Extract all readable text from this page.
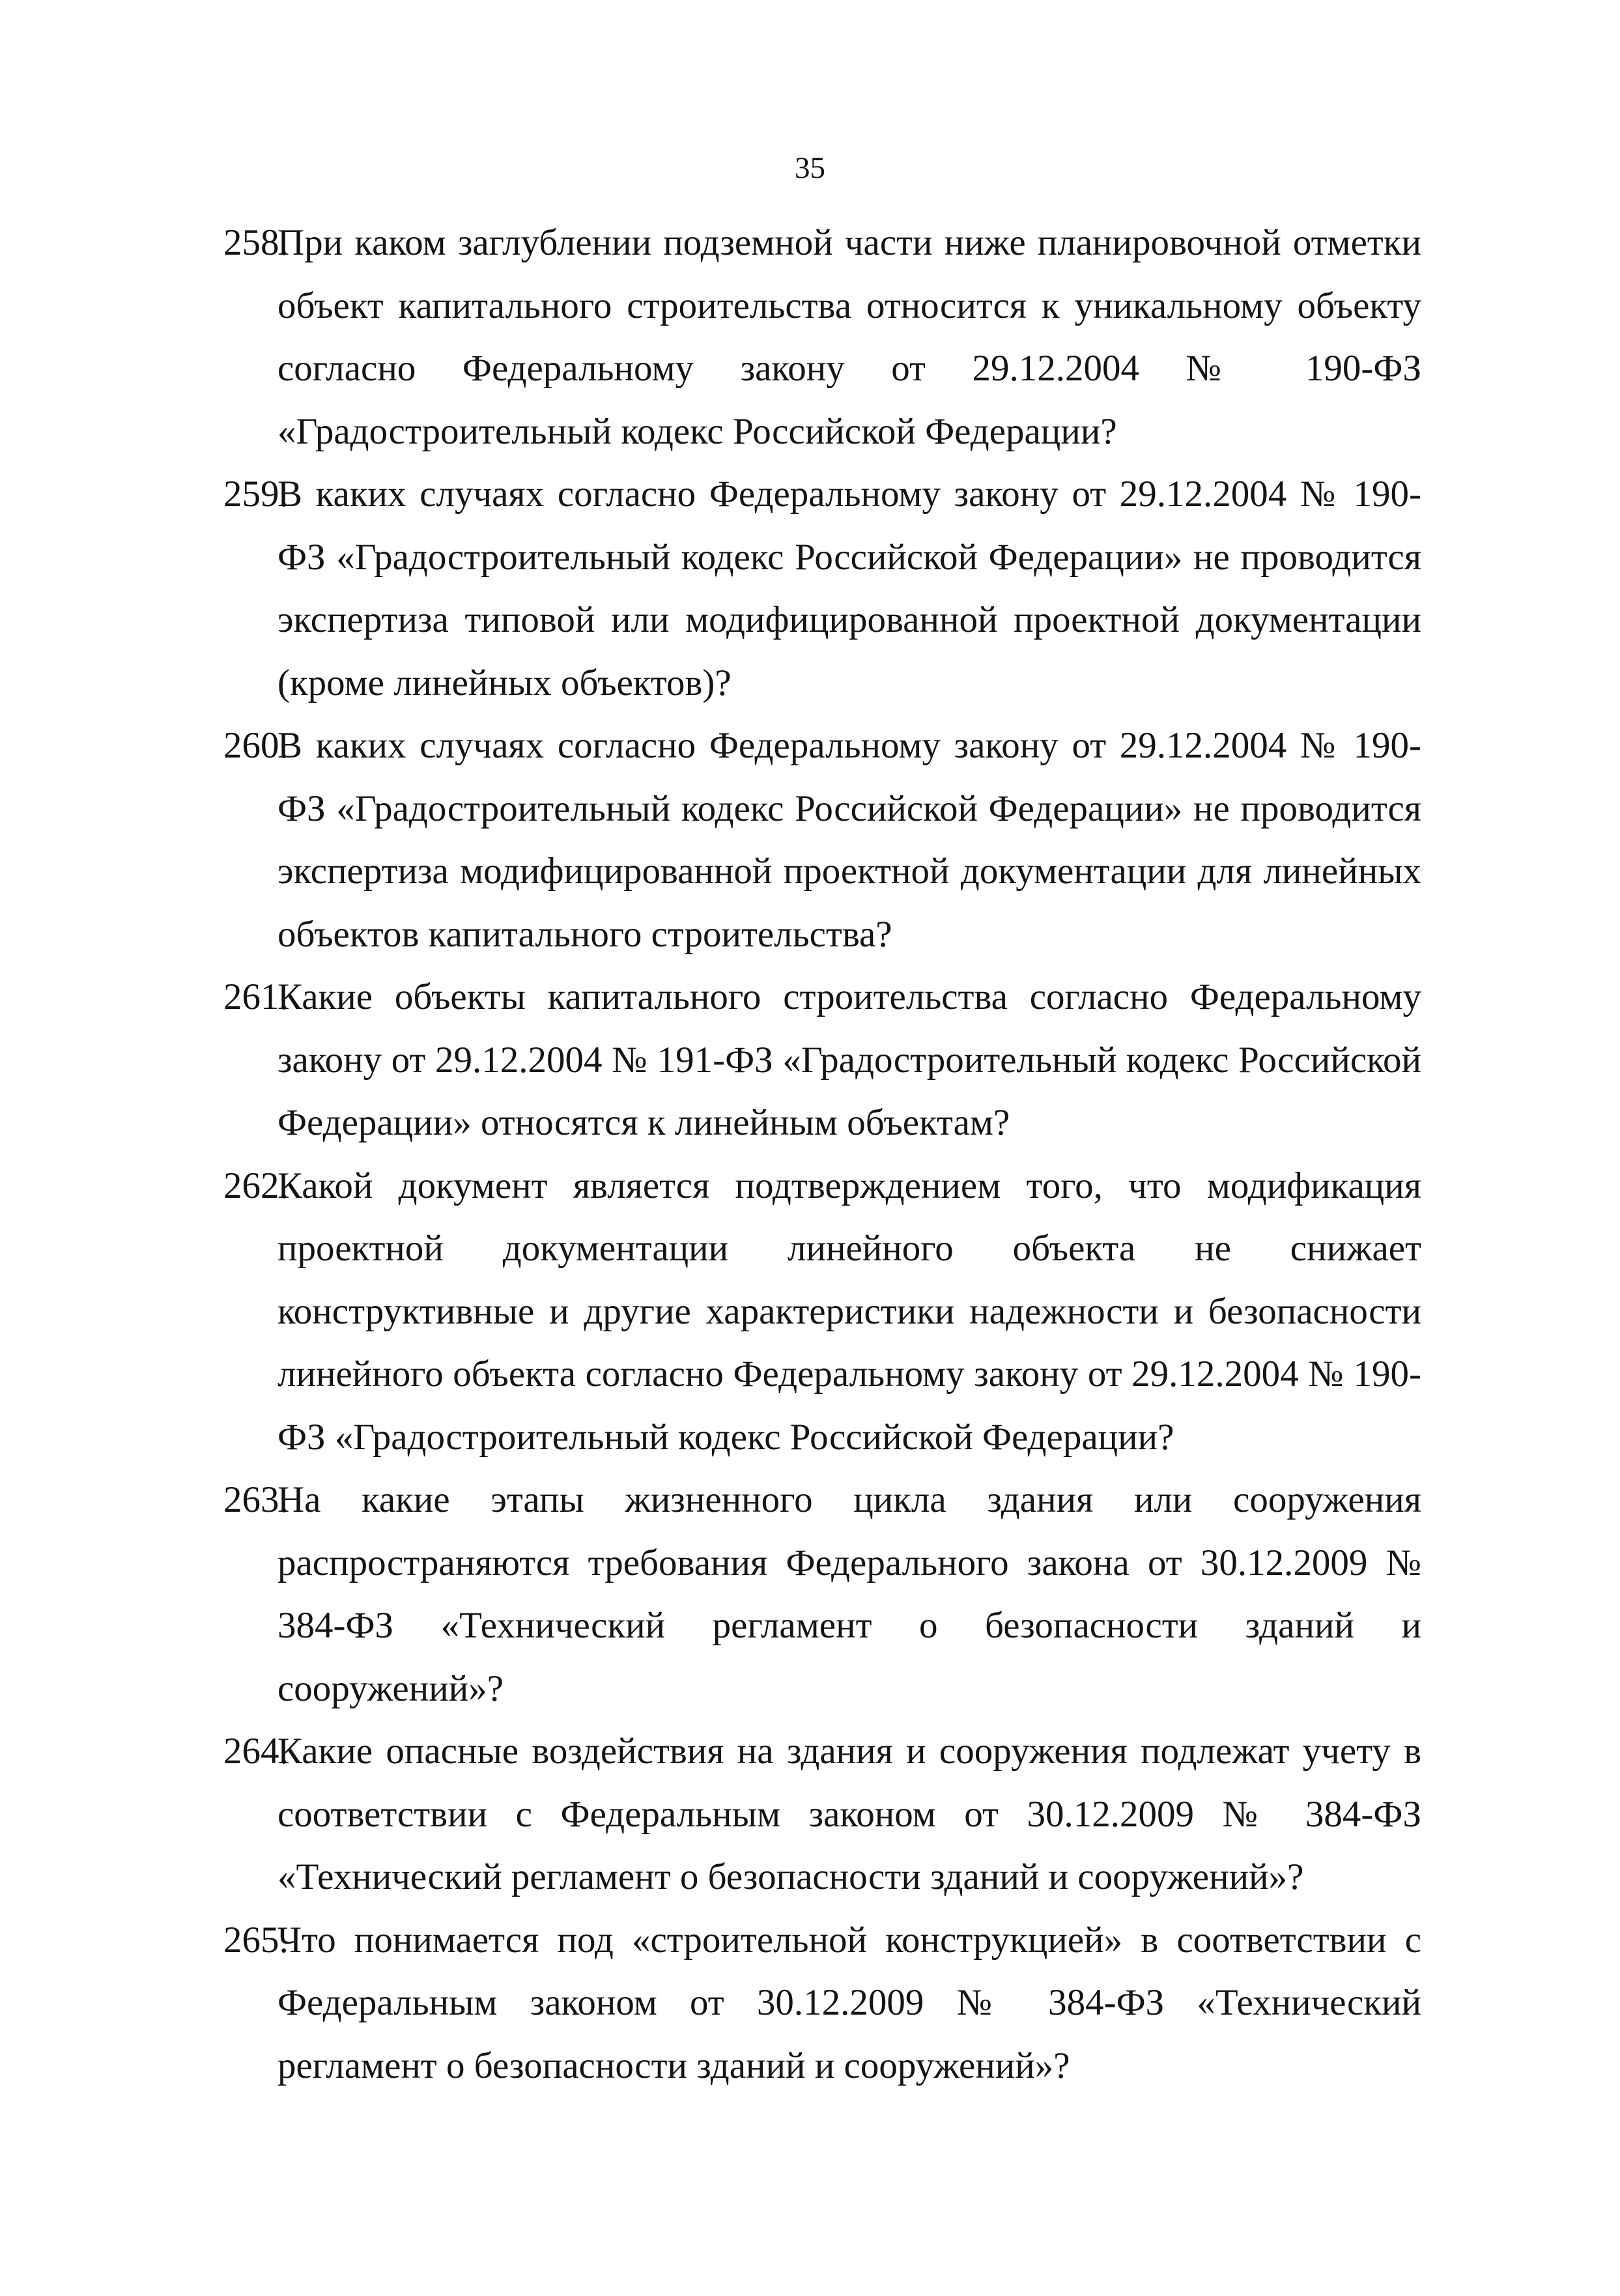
35
258.
При каком заглублении подземной части ниже планировочной отметки объект капитального строительства относится к уникальному объекту согласно Федеральному закону от 29.12.2004 № 190-ФЗ «Градостроительный кодекс Российской Федерации?
259.
В каких случаях согласно Федеральному закону от 29.12.2004 № 190-ФЗ «Градостроительный кодекс Российской Федерации» не проводится экспертиза типовой или модифицированной проектной документации (кроме линейных объектов)?
260.
В каких случаях согласно Федеральному закону от 29.12.2004 № 190-ФЗ «Градостроительный кодекс Российской Федерации» не проводится экспертиза модифицированной проектной документации для линейных объектов капитального строительства?
261.
Какие объекты капитального строительства согласно Федеральному закону от 29.12.2004 № 191-ФЗ «Градостроительный кодекс Российской Федерации» относятся к линейным объектам?
262.
Какой документ является подтверждением того, что модификация проектной документации линейного объекта не снижает конструктивные и другие характеристики надежности и безопасности линейного объекта согласно Федеральному закону от 29.12.2004 № 190-ФЗ «Градостроительный кодекс Российской Федерации?
263.
На какие этапы жизненного цикла здания или сооружения распространяются требования Федерального закона от 30.12.2009 № 384-ФЗ «Технический регламент о безопасности зданий и сооружений»?
264.
Какие опасные воздействия на здания и сооружения подлежат учету в соответствии с Федеральным законом от 30.12.2009 № 384-ФЗ «Технический регламент о безопасности зданий и сооружений»?
265.
Что понимается под «строительной конструкцией» в соответствии с Федеральным законом от 30.12.2009 № 384-ФЗ «Технический регламент о безопасности зданий и сооружений»?
